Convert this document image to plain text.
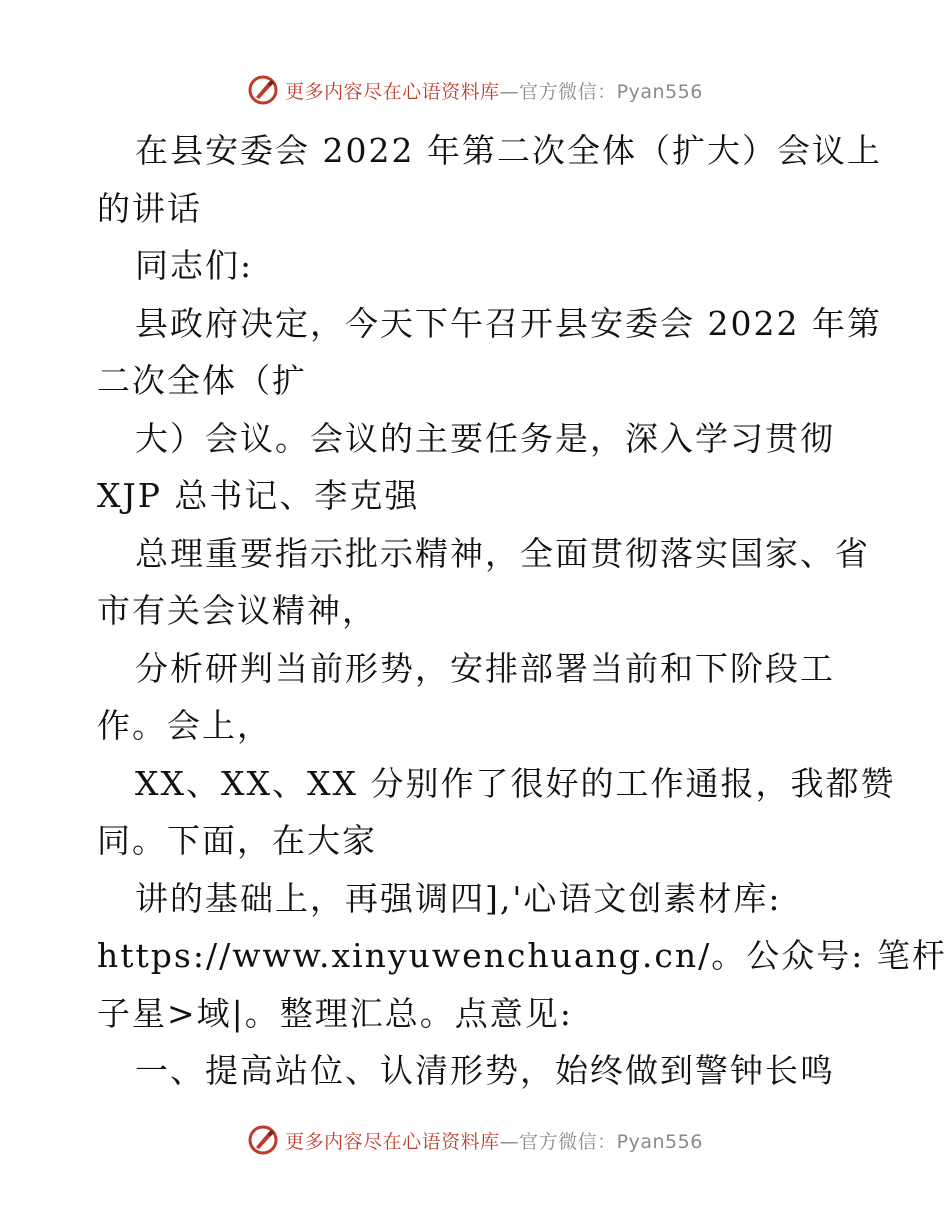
更多内容尽在心语资料库—官方微信：Pyan556
在县安委会 2022 年第二次全体（扩大）会议上
的讲话
同志们:
县政府决定，今天下午召开县安委会 2022 年第
二次全体（扩
大）会议。会议的主要任务是，深入学习贯彻
XJP 总书记、李克强
总理重要指示批示精神，全面贯彻落实国家、省
市有关会议精神，
分析研判当前形势，安排部署当前和下阶段工
作。会上，
XX、XX、XX 分别作了很好的工作通报，我都赞
同。下面，在大家
讲的基础上，再强调四],'心语文创素材库:
https://www.xinyuwenchuang.cn/。公众号: 笔杆
子星>域|。整理汇总。点意见:
一、提高站位、认清形势，始终做到警钟长鸣
更多内容尽在心语资料库—官方微信：Pyan556
